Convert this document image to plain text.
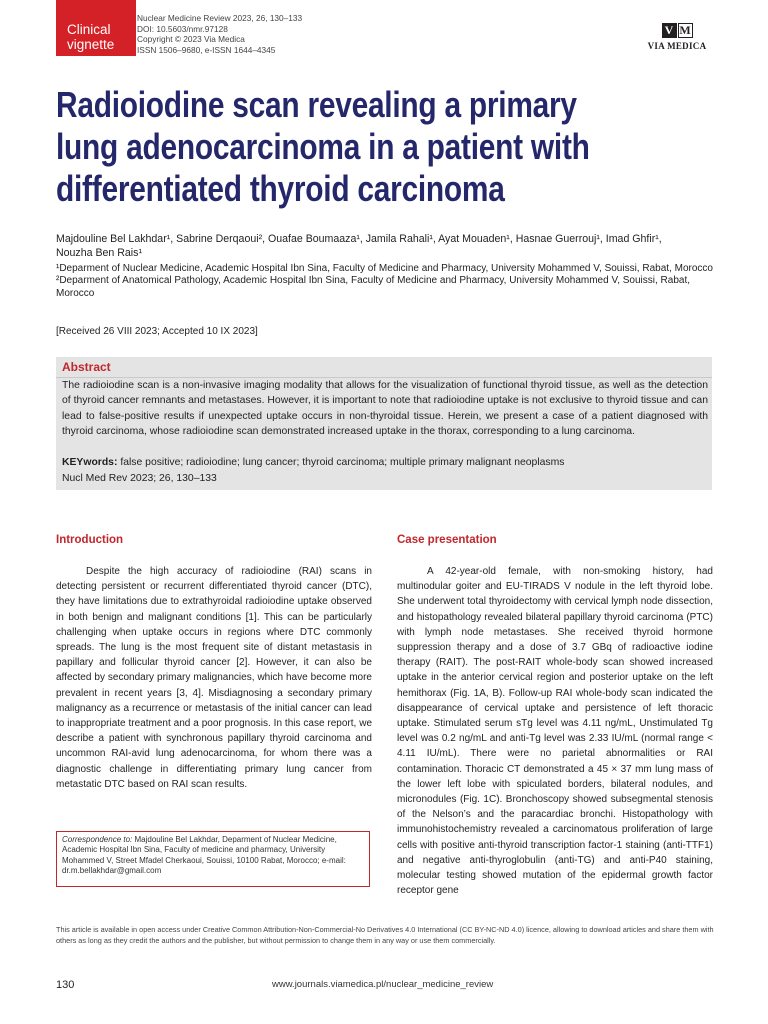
Clinical
vignette
Nuclear Medicine Review 2023, 26, 130–133
DOI: 10.5603/nmr.97128
Copyright © 2023 Via Medica
ISSN 1506–9680, e-ISSN 1644–4345
V M
VIA MEDICA
Radioiodine scan revealing a primary
lung adenocarcinoma in a patient with
differentiated thyroid carcinoma
Majdouline Bel Lakhdar¹, Sabrine Derqaoui², Ouafae Boumaaza¹, Jamila Rahali¹, Ayat Mouaden¹, Hasnae Guerrouj¹, Imad Ghfir¹,
Nouzha Ben Rais¹

¹Deparment of Nuclear Medicine, Academic Hospital Ibn Sina, Faculty of Medicine and Pharmacy, University Mohammed V, Souissi, Rabat, Morocco

²Deparment of Anatomical Pathology, Academic Hospital Ibn Sina, Faculty of Medicine and Pharmacy, University Mohammed V, Souissi, Rabat, Morocco

[Received 26 VIII 2023; Accepted 10 IX 2023]
Abstract
The radioiodine scan is a non-invasive imaging modality that allows for the visualization of functional thyroid tissue, as well as the detection of thyroid cancer remnants and metastases. However, it is important to note that radioiodine uptake is not exclusive to thyroid tissue and can lead to false-positive results if unexpected uptake occurs in non-thyroidal tissue. Herein, we present a case of a patient diagnosed with thyroid carcinoma, whose radioiodine scan demonstrated increased uptake in the thorax, corresponding to a lung carcinoma.
KEYwords: false positive; radioiodine; lung cancer; thyroid carcinoma; multiple primary malignant neoplasms
Nucl Med Rev 2023; 26, 130–133
Introduction

Despite the high accuracy of radioiodine (RAI) scans in detecting persistent or recurrent differentiated thyroid cancer (DTC), they have limitations due to extrathyroidal radioiodine uptake observed in both benign and malignant conditions [1]. This can be particularly challenging when uptake occurs in regions where DTC commonly spreads. The lung is the most frequent site of distant metastasis in papillary and follicular thyroid cancer [2]. However, it can also be affected by secondary primary malignancies, which have become more prevalent in recent years [3, 4]. Misdiagnosing a secondary primary malignancy as a recurrence or metastasis of the initial cancer can lead to inappropriate treatment and a poor prognosis. In this case report, we describe a patient with synchronous papillary thyroid carcinoma and uncommon RAI-avid lung adenocarcinoma, for whom there was a diagnostic challenge in differentiating primary lung cancer from metastatic DTC based on RAI scan results.

Correspondence to: Majdouline Bel Lakhdar, Deparment of Nuclear Medicine, Academic Hospital Ibn Sina, Faculty of medicine and pharmacy, University Mohammed V, Street Mfadel Cherkaoui, Souissi, 10100 Rabat, Morocco; e-mail: dr.m.bellakhdar@gmail.com
Case presentation

A 42-year-old female, with non-smoking history, had multinodular goiter and EU-TIRADS V nodule in the left thyroid lobe. She underwent total thyroidectomy with cervical lymph node dissection, and histopathology revealed bilateral papillary thyroid carcinoma (PTC) with lymph node metastases. She received thyroid hormone suppression therapy and a dose of 3.7 GBq of radioactive iodine therapy (RAIT). The post-RAIT whole-body scan showed increased uptake in the anterior cervical region and posterior uptake on the left hemithorax (Fig. 1A, B). Follow-up RAI whole-body scan indicated the disappearance of cervical uptake and persistence of left thoracic uptake. Stimulated serum sTg level was 4.11 ng/mL, Unstimulated Tg level was 0.2 ng/mL and anti-Tg level was 2.33 IU/mL (normal range < 4.11 IU/mL). There were no parietal abnormalities or RAI contamination. Thoracic CT demonstrated a 45 × 37 mm lung mass of the lower left lobe with spiculated borders, bilateral nodules, and micronodules (Fig. 1C). Bronchoscopy showed subsegmental stenosis of the Nelson’s and the paracardiac bronchi. Histopathology with immunohistochemistry revealed a carcinomatous proliferation of large cells with positive anti-thyroid transcription factor-1 staining (anti-TTF1) and negative anti-thyroglobulin (anti-TG) and anti-P40 staining, molecular testing showed mutation of the epidermal growth factor receptor gene

This article is available in open access under Creative Common Attribution-Non-Commercial-No Derivatives 4.0 International (CC BY-NC-ND 4.0) licence, allowing to download articles and share them with others as long as they credit the authors and the publisher, but without permission to change them in any way or use them commercially.
130	www.journals.viamedica.pl/nuclear_medicine_review
